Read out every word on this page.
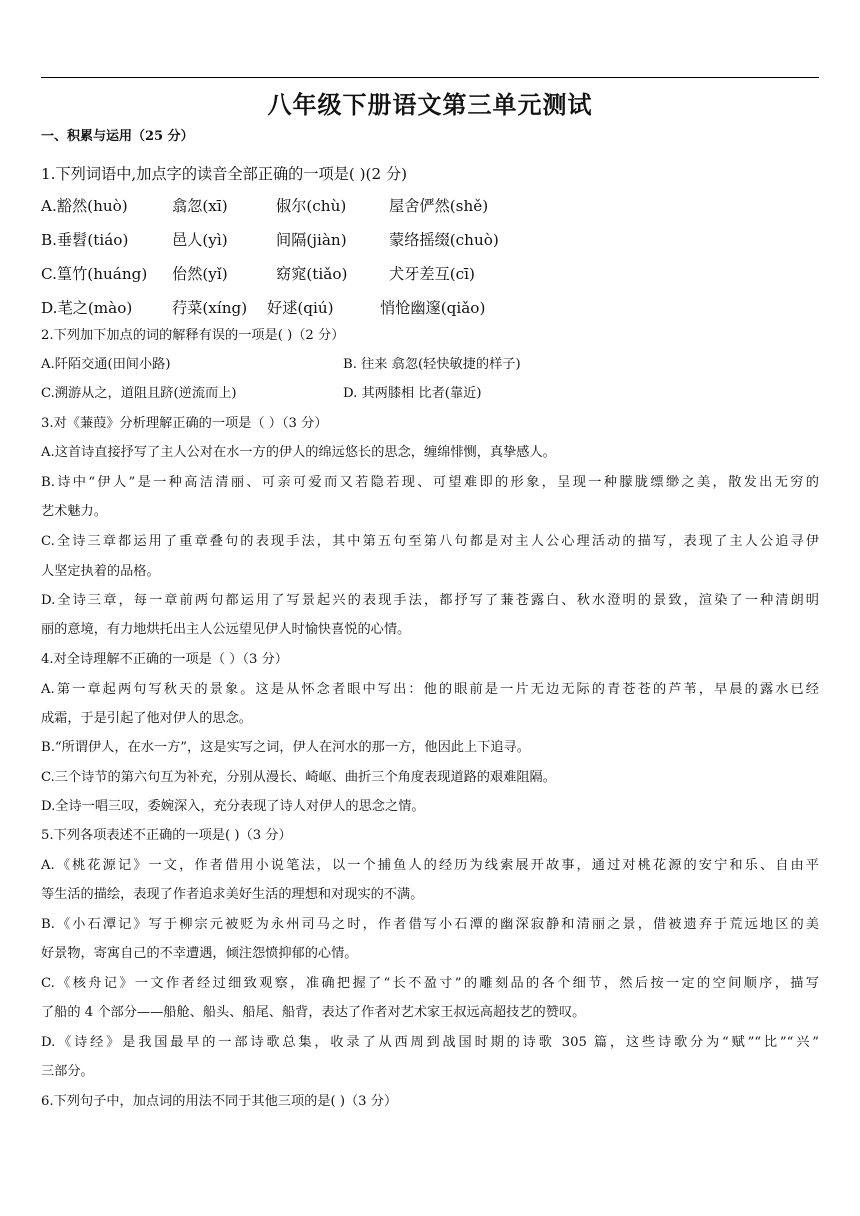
八年级下册语文第三单元测试
一、积累与运用（25 分）
1.下列词语中,加点字的读音全部正确的一项是( )(2 分)
A.豁然(huò)	翕忽(xī)	俶尔(chù)	屋舍俨然(shě)
B.垂髫(tiáo)	邑人(yì)	间隔(jiàn)	蒙络摇缀(chuò)
C.篁竹(huáng) 佁然(yǐ)	窈窕(tiǎo)	犬牙差互(cī)
D.芼之(mào)	荇菜(xíng) 好逑(qiú)	悄怆幽邃(qiǎo)
2.下列加下加点的词的解释有误的一项是( )（2 分）
A.阡陌交通(田间小路)	B. 往来 翕忽(轻快敏捷的样子)
C.溯游从之，道阻且跻(逆流而上)	D. 其两膝相 比者(靠近)
3.对《蒹葭》分析理解正确的一项是（ ）（3 分）
A.这首诗直接抒写了主人公对在水一方的伊人的绵远悠长的思念，缠绵悱恻，真挚感人。
B.诗中“伊人”是一种高洁清丽、可亲可爱而又若隐若现、可望难即的形象，呈现一种朦胧缥缈之美，散发出无穷的
艺术魅力。
C.全诗三章都运用了重章叠句的表现手法，其中第五句至第八句都是对主人公心理活动的描写，表现了主人公追寻伊
人坚定执着的品格。
D.全诗三章，每一章前两句都运用了写景起兴的表现手法，都抒写了蒹苍露白、秋水澄明的景致，渲染了一种清朗明
丽的意境，有力地烘托出主人公远望见伊人时愉快喜悦的心情。
4.对全诗理解不正确的一项是（ ）（3 分）
A.第一章起两句写秋天的景象。这是从怀念者眼中写出：他的眼前是一片无边无际的青苍苍的芦苇，早晨的露水已经
成霜，于是引起了他对伊人的思念。
B.“所谓伊人，在水一方”，这是实写之词，伊人在河水的那一方，他因此上下追寻。
C.三个诗节的第六句互为补充，分别从漫长、崎岖、曲折三个角度表现道路的艰难阻隔。
D.全诗一唱三叹，委婉深入，充分表现了诗人对伊人的思念之情。
5.下列各项表述不正确的一项是( )（3 分）
A.《桃花源记》一文，作者借用小说笔法，以一个捕鱼人的经历为线索展开故事，通过对桃花源的安宁和乐、自由平
等生活的描绘，表现了作者追求美好生活的理想和对现实的不满。
B.《小石潭记》写于柳宗元被贬为永州司马之时，作者借写小石潭的幽深寂静和清丽之景，借被遗弃于荒远地区的美
好景物，寄寓自己的不幸遭遇，倾注怨愤抑郁的心情。
C.《核舟记》一文作者经过细致观察，准确把握了“长不盈寸”的雕刻品的各个细节，然后按一定的空间顺序，描写
了船的 4 个部分——船舱、船头、船尾、船背，表达了作者对艺术家王叔远高超技艺的赞叹。
D.《诗经》是我国最早的一部诗歌总集，收录了从西周到战国时期的诗歌 305 篇，这些诗歌分为“赋”“比”“兴”
三部分。
6.下列句子中，加点词的用法不同于其他三项的是( )（3 分）
